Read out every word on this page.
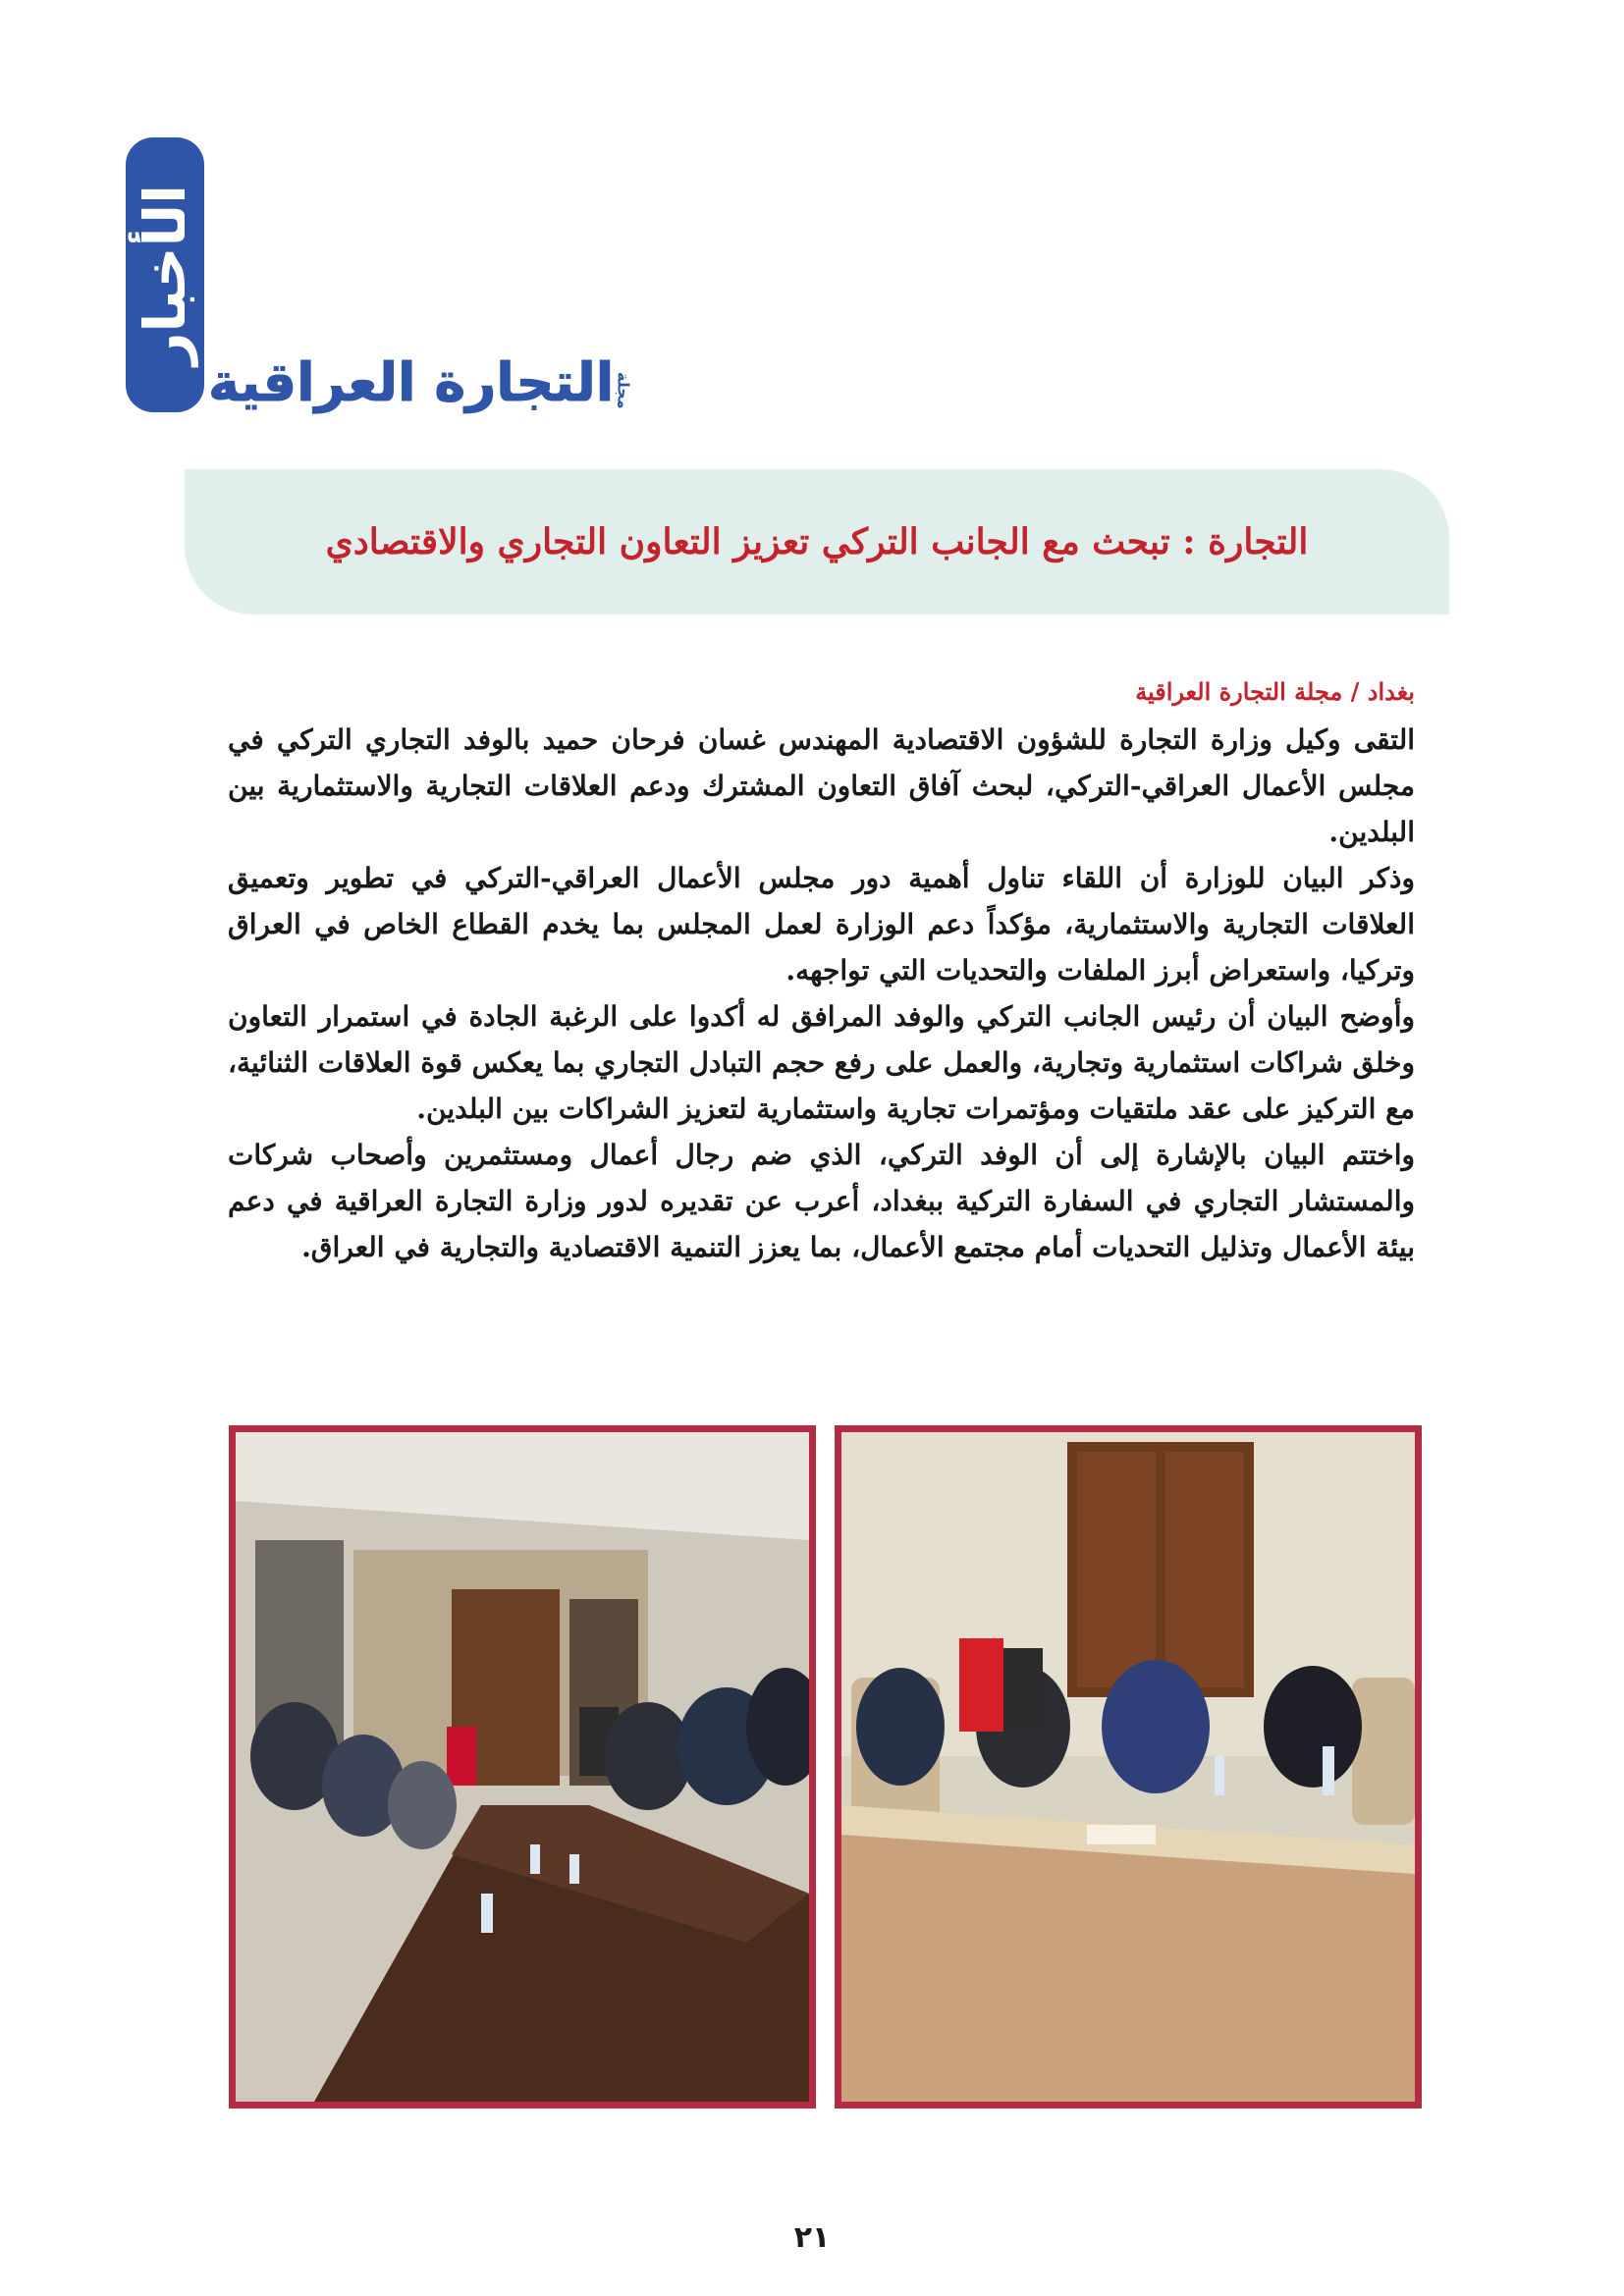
الأخبار
مجلة
التجارة العراقية
التجارة : تبحث مع الجانب التركي تعزيز التعاون التجاري والاقتصادي
بغداد / مجلة التجارة العراقية

التقى وكيل وزارة التجارة للشؤون الاقتصادية المهندس غسان فرحان حميد بالوفد التجاري التركي في مجلس الأعمال العراقي-التركي، لبحث آفاق التعاون المشترك ودعم العلاقات التجارية والاستثمارية بين البلدين.

وذكر البيان للوزارة أن اللقاء تناول أهمية دور مجلس الأعمال العراقي-التركي في تطوير وتعميق العلاقات التجارية والاستثمارية، مؤكداً دعم الوزارة لعمل المجلس بما يخدم القطاع الخاص في العراق وتركيا، واستعراض أبرز الملفات والتحديات التي تواجهه.

وأوضح البيان أن رئيس الجانب التركي والوفد المرافق له أكدوا على الرغبة الجادة في استمرار التعاون وخلق شراكات استثمارية وتجارية، والعمل على رفع حجم التبادل التجاري بما يعكس قوة العلاقات الثنائية، مع التركيز على عقد ملتقيات ومؤتمرات تجارية واستثمارية لتعزيز الشراكات بين البلدين.

واختتم البيان بالإشارة إلى أن الوفد التركي، الذي ضم رجال أعمال ومستثمرين وأصحاب شركات والمستشار التجاري في السفارة التركية ببغداد، أعرب عن تقديره لدور وزارة التجارة العراقية في دعم بيئة الأعمال وتذليل التحديات أمام مجتمع الأعمال، بما يعزز التنمية الاقتصادية والتجارية في العراق.

٢١
